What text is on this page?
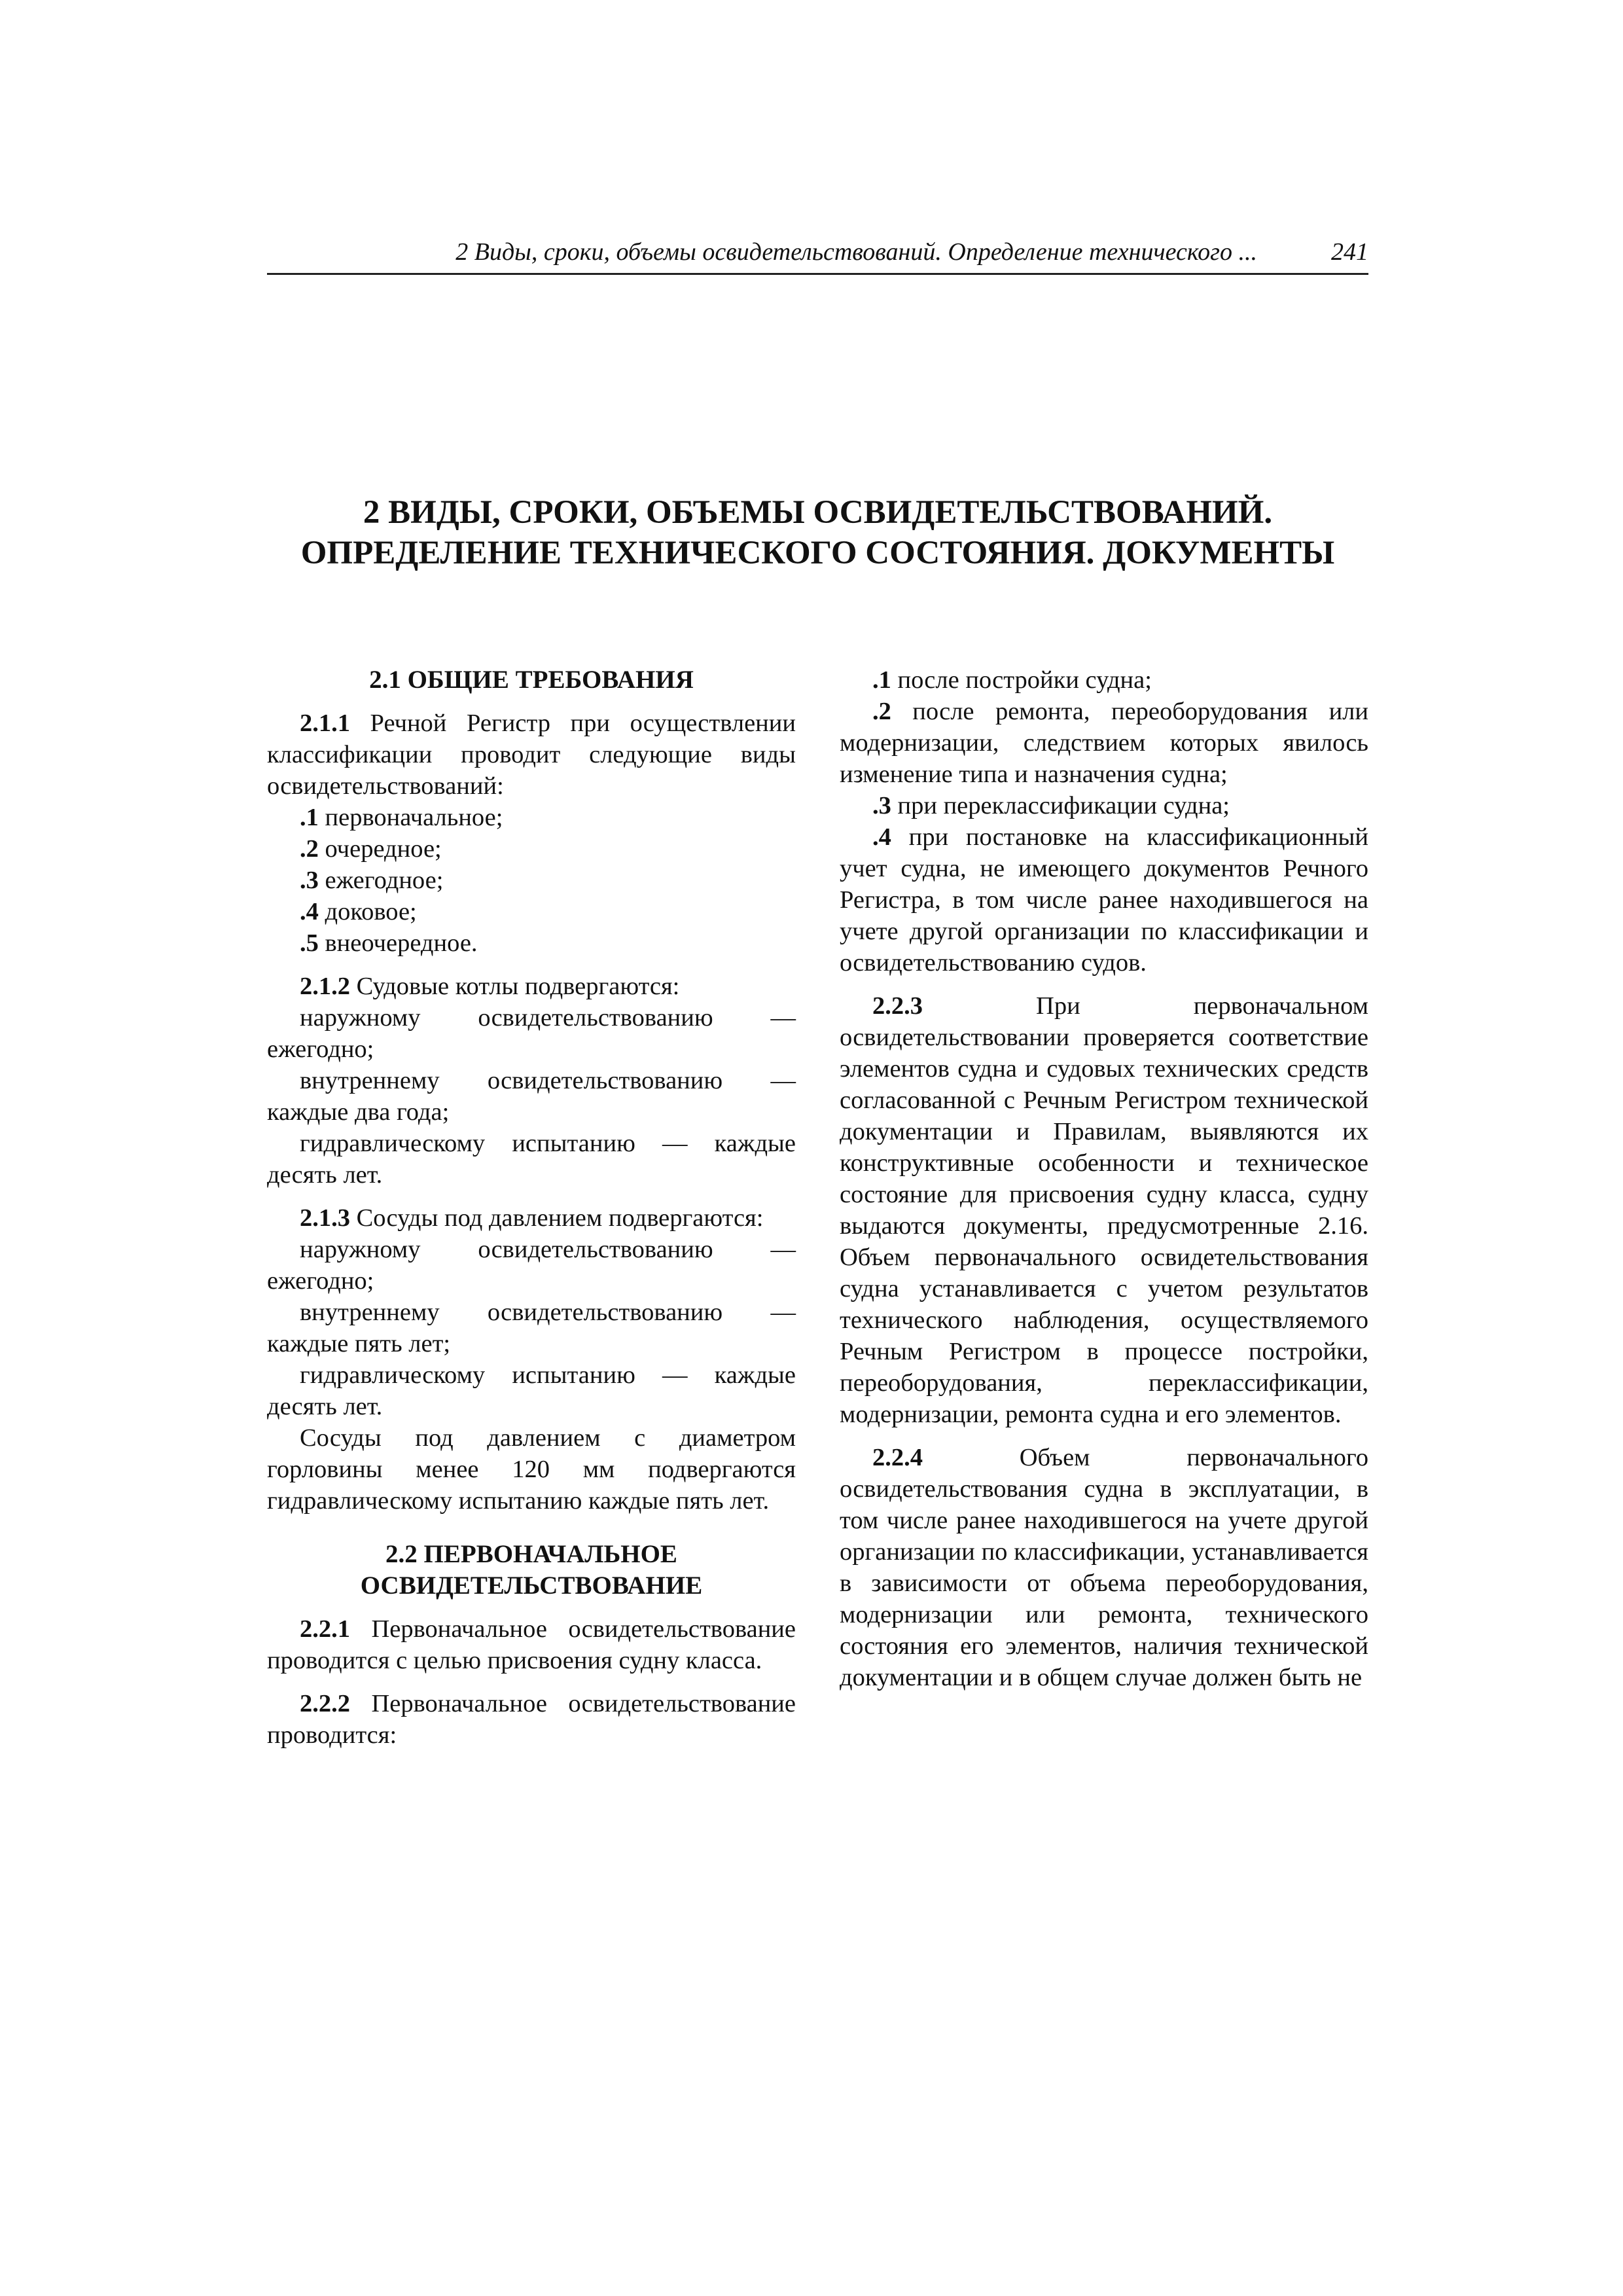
2 Виды, сроки, объемы освидетельствований. Определение технического ...	241
2 ВИДЫ, СРОКИ, ОБЪЕМЫ ОСВИДЕТЕЛЬСТВОВАНИЙ.
ОПРЕДЕЛЕНИЕ ТЕХНИЧЕСКОГО СОСТОЯНИЯ. ДОКУМЕНТЫ
2.1 ОБЩИЕ ТРЕБОВАНИЯ

2.1.1 Речной Регистр при осуществлении классификации проводит следующие виды освидетельствований:

.1 первоначальное;

.2 очередное;

.3 ежегодное;

.4 доковое;

.5 внеочередное.

2.1.2 Судовые котлы подвергаются:

наружному освидетельствованию — ежегодно;

внутреннему освидетельствованию — каждые два года;

гидравлическому испытанию — каждые десять лет.

2.1.3 Сосуды под давлением подвергаются:

наружному освидетельствованию — ежегодно;

внутреннему освидетельствованию — каждые пять лет;

гидравлическому испытанию — каждые десять лет.

Сосуды под давлением с диаметром горловины менее 120 мм подвергаются гидравлическому испытанию каждые пять лет.

2.2 ПЕРВОНАЧАЛЬНОЕ
ОСВИДЕТЕЛЬСТВОВАНИЕ

2.2.1 Первоначальное освидетельствование проводится с целью присвоения судну класса.

2.2.2 Первоначальное освидетельствование проводится:

.1 после постройки судна;

.2 после ремонта, переоборудования или модернизации, следствием которых явилось изменение типа и назначения судна;

.3 при переклассификации судна;

.4 при постановке на классификационный учет судна, не имеющего документов Речного Регистра, в том числе ранее находившегося на учете другой организации по классификации и освидетельствованию судов.

2.2.3 При первоначальном освидетельствовании проверяется соответствие элементов судна и судовых технических средств согласованной с Речным Регистром технической документации и Правилам, выявляются их конструктивные особенности и техническое состояние для присвоения судну класса, судну выдаются документы, предусмотренные 2.16. Объем первоначального освидетельствования судна устанавливается с учетом результатов технического наблюдения, осуществляемого Речным Регистром в процессе постройки, переоборудования, переклассификации, модернизации, ремонта судна и его элементов.

2.2.4 Объем первоначального освидетельствования судна в эксплуатации, в том числе ранее находившегося на учете другой организации по классификации, устанавливается в зависимости от объема переоборудования, модернизации или ремонта, технического состояния его элементов, наличия технической документации и в общем случае должен быть не
